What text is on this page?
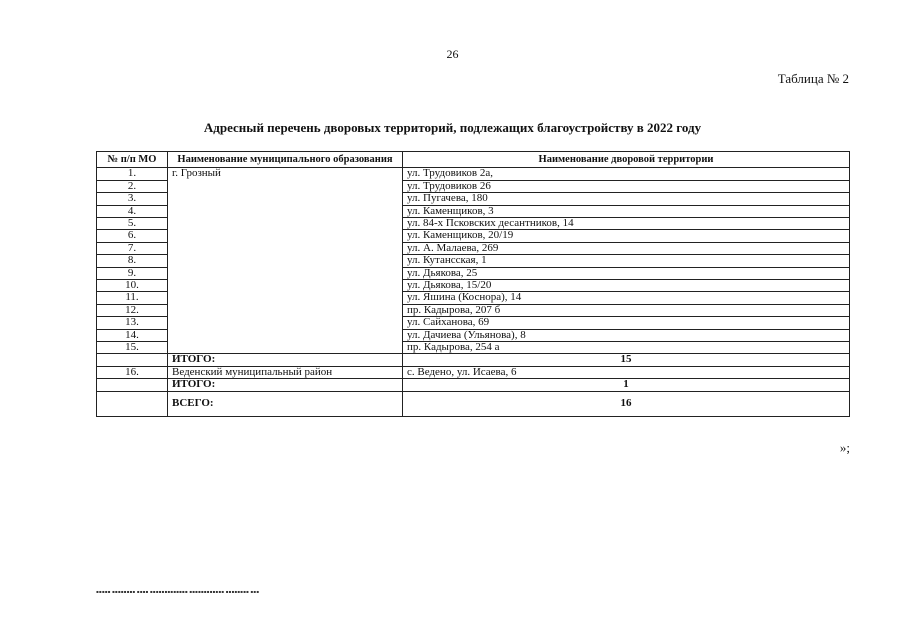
26
Таблица № 2
Адресный перечень дворовых территорий, подлежащих благоустройству в 2022 году
№ п/п МО	Наименование муниципального образования	Наименование дворовой территории
1.	г. Грозный	ул. Трудовиков 2а,
2.		ул. Трудовиков 26
3.		ул. Пугачева, 180
4.		ул. Каменщиков, 3
5.		ул. 84-х Псковских десантников, 14
6.		ул. Каменщиков, 20/19
7.		ул. А. Малаева, 269
8.		ул. Кутансская, 1
9.		ул. Дьякова, 25
10.		ул. Дьякова, 15/20
11.		ул. Яшина (Коснора), 14
12.		пр. Кадырова, 207 б
13.		ул. Сайханова, 69
14.		ул. Дачиева (Ульянова), 8
15.		пр. Кадырова, 254 а
	ИТОГО:	15
16.	Веденский муниципальный район	с. Ведено, ул. Исаева, 6
	ИТОГО:	1
	ВСЕГО:	16
»;
▪▪▪▪▪ ▪▪▪▪▪▪▪▪ ▪▪▪▪ ▪▪▪▪▪▪▪▪▪▪▪▪▪ ▪▪▪▪▪▪▪▪▪▪▪▪ ▪▪▪▪▪▪▪▪ ▪▪▪
